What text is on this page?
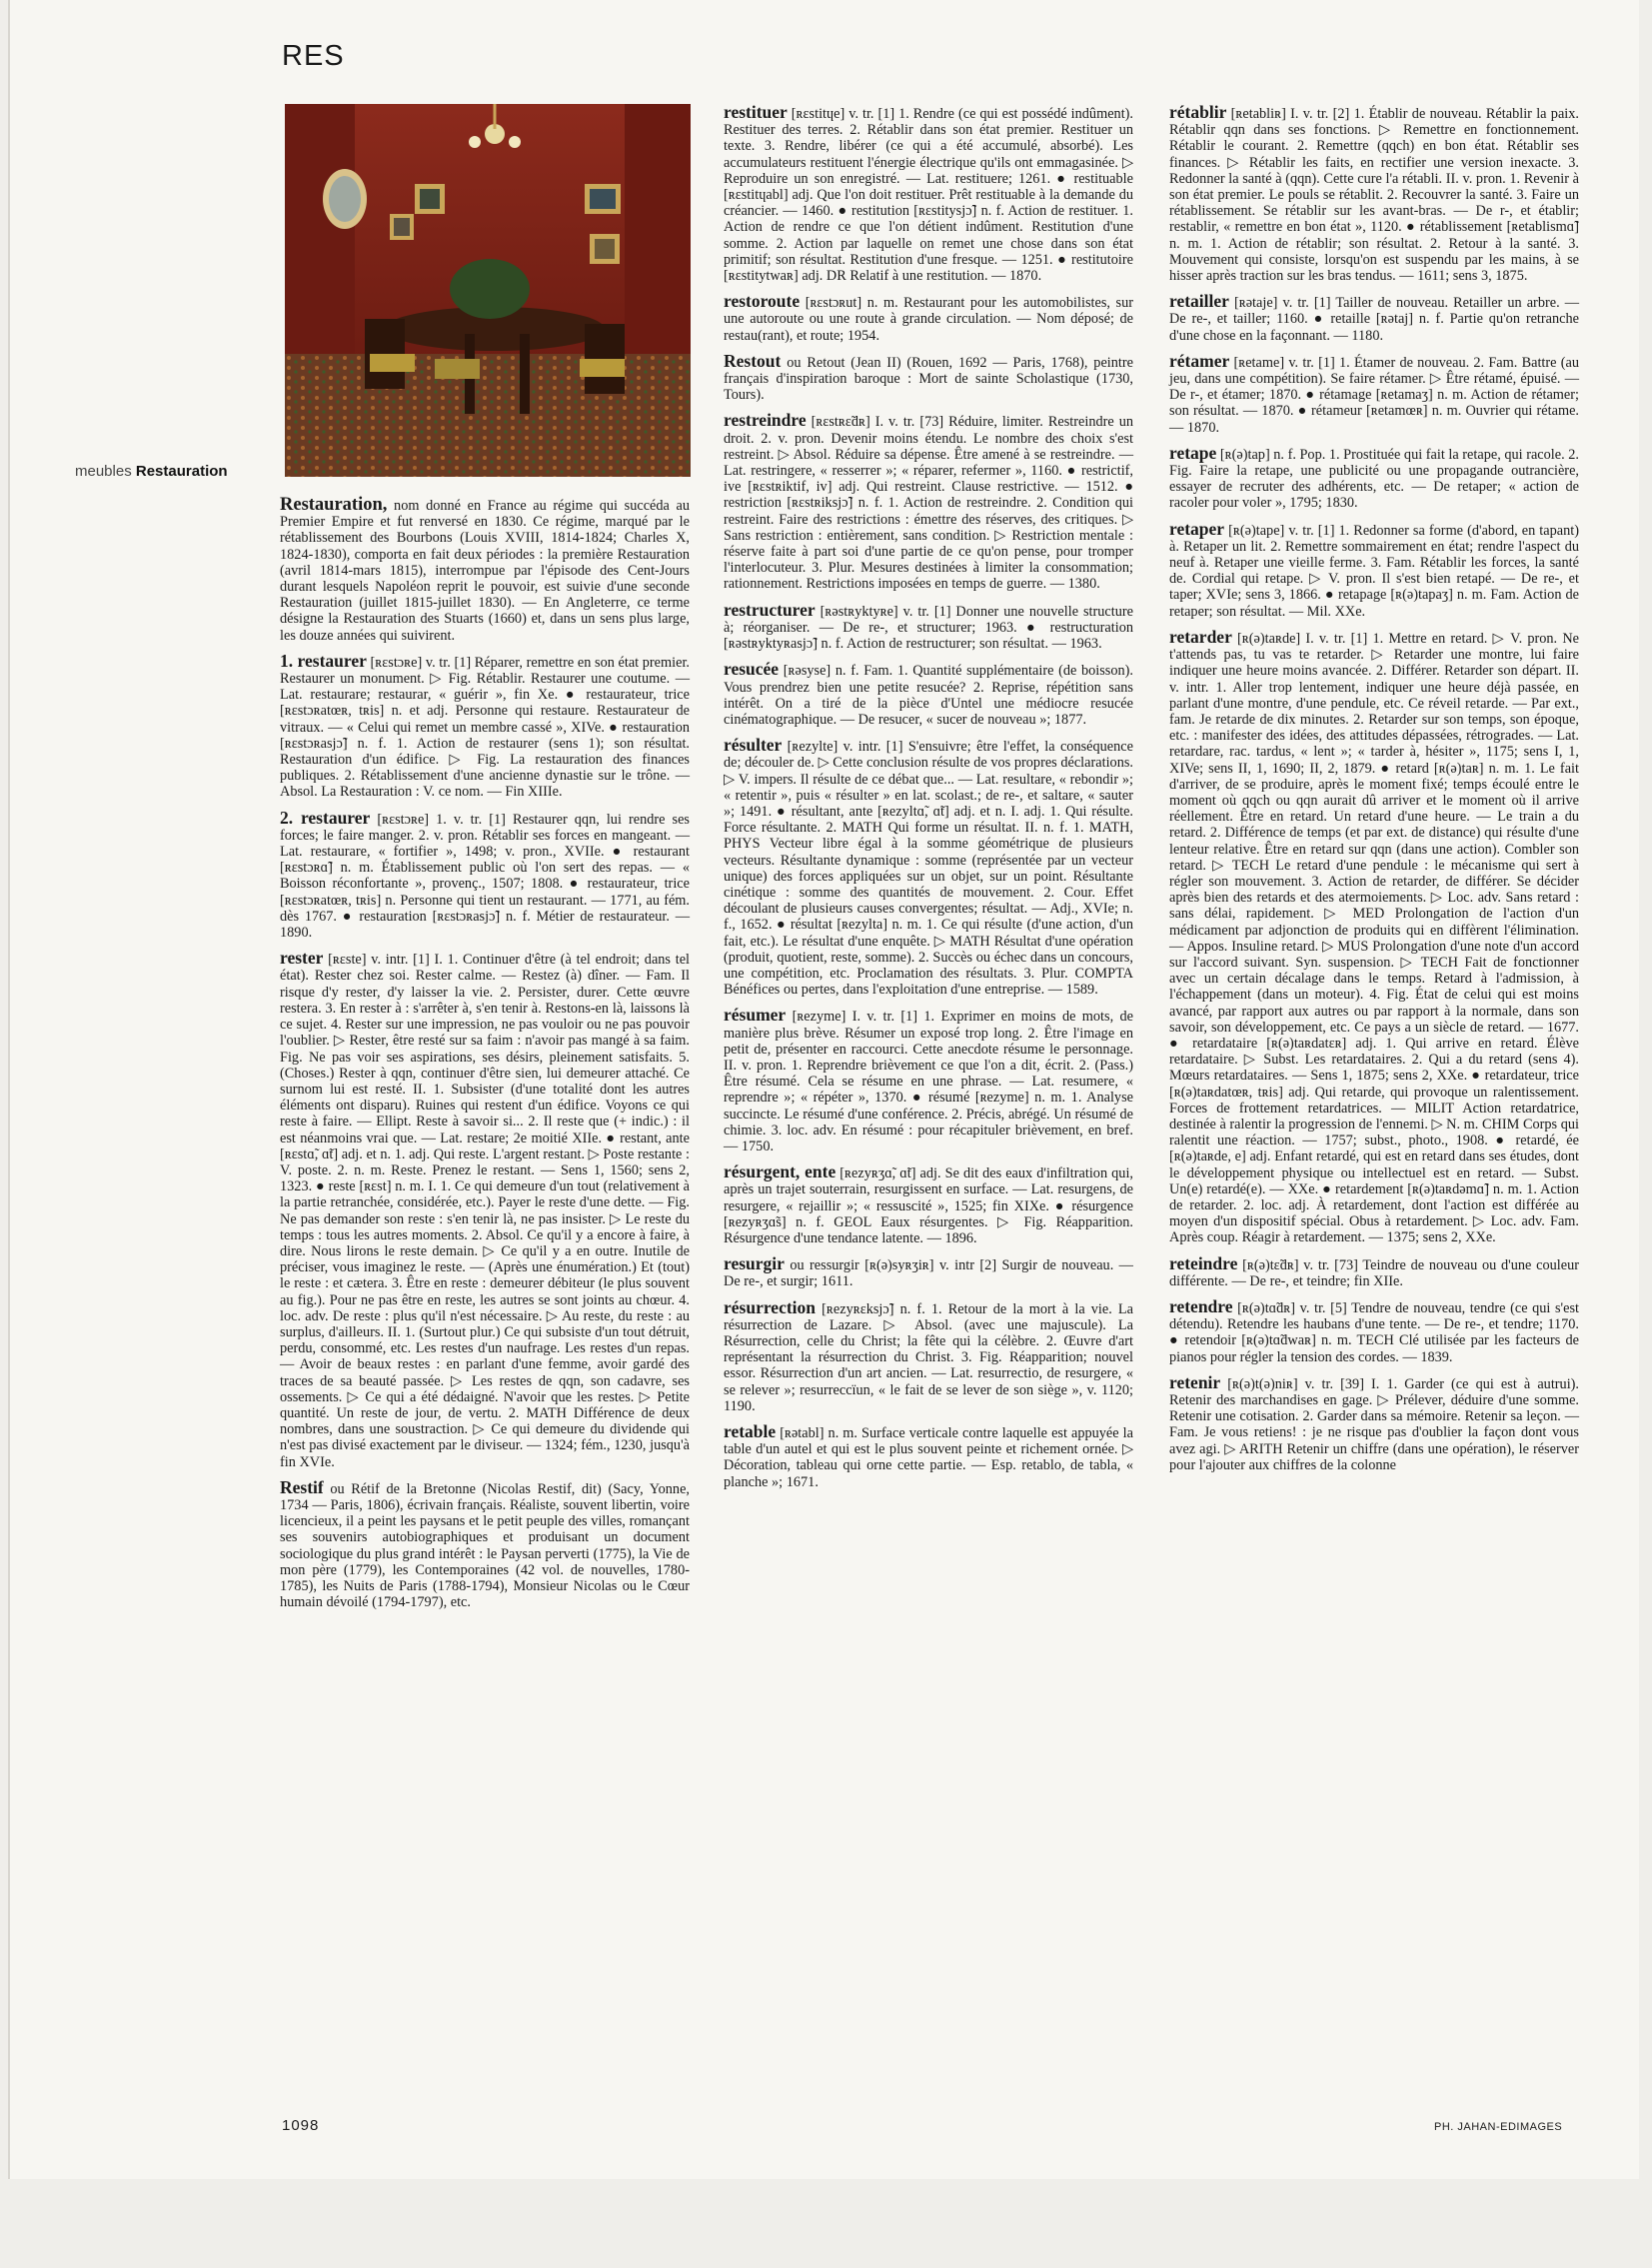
RES
meubles Restauration

Restauration, nom donné en France au régime qui succéda au Premier Empire et fut renversé en 1830. Ce régime, marqué par le rétablissement des Bourbons (Louis XVIII, 1814-1824; Charles X, 1824-1830), comporta en fait deux périodes : la première Restauration (avril 1814-mars 1815), interrompue par l'épisode des Cent-Jours durant lesquels Napoléon reprit le pouvoir, est suivie d'une seconde Restauration (juillet 1815-juillet 1830). — En Angleterre, ce terme désigne la Restauration des Stuarts (1660) et, dans un sens plus large, les douze années qui suivirent.

1. restaurer [ʀɛstɔʀe] v. tr. [1] Réparer, remettre en son état premier. Restaurer un monument. ▷ Fig. Rétablir. Restaurer une coutume. — Lat. restaurare; restaurar, « guérir », fin Xe. ● restaurateur, trice [ʀɛstɔʀatœʀ, tʀis] n. et adj. Personne qui restaure. Restaurateur de vitraux. — « Celui qui remet un membre cassé », XIVe. ● restauration [ʀɛstɔʀasjɔ̃] n. f. 1. Action de restaurer (sens 1); son résultat. Restauration d'un édifice. ▷ Fig. La restauration des finances publiques. 2. Rétablissement d'une ancienne dynastie sur le trône. — Absol. La Restauration : V. ce nom. — Fin XIIIe.

2. restaurer [ʀɛstɔʀe] 1. v. tr. [1] Restaurer qqn, lui rendre ses forces; le faire manger. 2. v. pron. Rétablir ses forces en mangeant. — Lat. restaurare, « fortifier », 1498; v. pron., XVIIe. ● restaurant [ʀɛstɔʀɑ̃] n. m. Établissement public où l'on sert des repas. — « Boisson réconfortante », provenç., 1507; 1808. ● restaurateur, trice [ʀɛstɔʀatœʀ, tʀis] n. Personne qui tient un restaurant. — 1771, au fém. dès 1767. ● restauration [ʀɛstɔʀasjɔ̃] n. f. Métier de restaurateur. — 1890.

rester [ʀɛste] v. intr. [1] I. 1. Continuer d'être (à tel endroit; dans tel état). Rester chez soi. Rester calme. — Restez (à) dîner. — Fam. Il risque d'y rester, d'y laisser la vie. 2. Persister, durer. Cette œuvre restera. 3. En rester à : s'arrêter à, s'en tenir à. Restons-en là, laissons là ce sujet. 4. Rester sur une impression, ne pas vouloir ou ne pas pouvoir l'oublier. ▷ Rester, être resté sur sa faim : n'avoir pas mangé à sa faim. Fig. Ne pas voir ses aspirations, ses désirs, pleinement satisfaits. 5. (Choses.) Rester à qqn, continuer d'être sien, lui demeurer attaché. Ce surnom lui est resté. II. 1. Subsister (d'une totalité dont les autres éléments ont disparu). Ruines qui restent d'un édifice. Voyons ce qui reste à faire. — Ellipt. Reste à savoir si... 2. Il reste que (+ indic.) : il est néanmoins vrai que. — Lat. restare; 2e moitié XIIe. ● restant, ante [ʀɛstɑ̃, ɑ̃t] adj. et n. 1. adj. Qui reste. L'argent restant. ▷ Poste restante : V. poste. 2. n. m. Reste. Prenez le restant. — Sens 1, 1560; sens 2, 1323. ● reste [ʀɛst] n. m. I. 1. Ce qui demeure d'un tout (relativement à la partie retranchée, considérée, etc.). Payer le reste d'une dette. — Fig. Ne pas demander son reste : s'en tenir là, ne pas insister. ▷ Le reste du temps : tous les autres moments. 2. Absol. Ce qu'il y a encore à faire, à dire. Nous lirons le reste demain. ▷ Ce qu'il y a en outre. Inutile de préciser, vous imaginez le reste. — (Après une énumération.) Et (tout) le reste : et cætera. 3. Être en reste : demeurer débiteur (le plus souvent au fig.). Pour ne pas être en reste, les autres se sont joints au chœur. 4. loc. adv. De reste : plus qu'il n'est nécessaire. ▷ Au reste, du reste : au surplus, d'ailleurs. II. 1. (Surtout plur.) Ce qui subsiste d'un tout détruit, perdu, consommé, etc. Les restes d'un naufrage. Les restes d'un repas. — Avoir de beaux restes : en parlant d'une femme, avoir gardé des traces de sa beauté passée. ▷ Les restes de qqn, son cadavre, ses ossements. ▷ Ce qui a été dédaigné. N'avoir que les restes. ▷ Petite quantité. Un reste de jour, de vertu. 2. MATH Différence de deux nombres, dans une soustraction. ▷ Ce qui demeure du dividende qui n'est pas divisé exactement par le diviseur. — 1324; fém., 1230, jusqu'à fin XVIe.

Restif ou Rétif de la Bretonne (Nicolas Restif, dit) (Sacy, Yonne, 1734 — Paris, 1806), écrivain français. Réaliste, souvent libertin, voire licencieux, il a peint les paysans et le petit peuple des villes, romançant ses souvenirs autobiographiques et produisant un document sociologique du plus grand intérêt : le Paysan perverti (1775), la Vie de mon père (1779), les Contemporaines (42 vol. de nouvelles, 1780-1785), les Nuits de Paris (1788-1794), Monsieur Nicolas ou le Cœur humain dévoilé (1794-1797), etc.

restituer [ʀɛstitɥe] v. tr. [1] 1. Rendre (ce qui est possédé indûment). Restituer des terres. 2. Rétablir dans son état premier. Restituer un texte. 3. Rendre, libérer (ce qui a été accumulé, absorbé). Les accumulateurs restituent l'énergie électrique qu'ils ont emmagasinée. ▷ Reproduire un son enregistré. — Lat. restituere; 1261. ● restituable [ʀɛstitɥabl] adj. Que l'on doit restituer. Prêt restituable à la demande du créancier. — 1460. ● restitution [ʀɛstitysjɔ̃] n. f. Action de restituer. 1. Action de rendre ce que l'on détient indûment. Restitution d'une somme. 2. Action par laquelle on remet une chose dans son état primitif; son résultat. Restitution d'une fresque. — 1251. ● restitutoire [ʀɛstitytwaʀ] adj. DR Relatif à une restitution. — 1870.

restoroute [ʀɛstɔʀut] n. m. Restaurant pour les automobilistes, sur une autoroute ou une route à grande circulation. — Nom déposé; de restau(rant), et route; 1954.

Restout ou Retout (Jean II) (Rouen, 1692 — Paris, 1768), peintre français d'inspiration baroque : Mort de sainte Scholastique (1730, Tours).

restreindre [ʀɛstʀɛ̃dʀ] I. v. tr. [73] Réduire, limiter. Restreindre un droit. 2. v. pron. Devenir moins étendu. Le nombre des choix s'est restreint. ▷ Absol. Réduire sa dépense. Être amené à se restreindre. — Lat. restringere, « resserrer »; « réparer, refermer », 1160. ● restrictif, ive [ʀɛstʀiktif, iv] adj. Qui restreint. Clause restrictive. — 1512. ● restriction [ʀɛstʀiksjɔ̃] n. f. 1. Action de restreindre. 2. Condition qui restreint. Faire des restrictions : émettre des réserves, des critiques. ▷ Sans restriction : entièrement, sans condition. ▷ Restriction mentale : réserve faite à part soi d'une partie de ce qu'on pense, pour tromper l'interlocuteur. 3. Plur. Mesures destinées à limiter la consommation; rationnement. Restrictions imposées en temps de guerre. — 1380.

restructurer [ʀəstʀyktyʀe] v. tr. [1] Donner une nouvelle structure à; réorganiser. — De re-, et structurer; 1963. ● restructuration [ʀəstʀyktyʀasjɔ̃] n. f. Action de restructurer; son résultat. — 1963.

resucée [ʀəsyse] n. f. Fam. 1. Quantité supplémentaire (de boisson). Vous prendrez bien une petite resucée? 2. Reprise, répétition sans intérêt. On a tiré de la pièce d'Untel une médiocre resucée cinématographique. — De resucer, « sucer de nouveau »; 1877.

résulter [ʀezylte] v. intr. [1] S'ensuivre; être l'effet, la conséquence de; découler de. ▷ Cette conclusion résulte de vos propres déclarations. ▷ V. impers. Il résulte de ce débat que... — Lat. resultare, « rebondir »; « retentir », puis « résulter » en lat. scolast.; de re-, et saltare, « sauter »; 1491. ● résultant, ante [ʀezyltɑ̃, ɑ̃t] adj. et n. I. adj. 1. Qui résulte. Force résultante. 2. MATH Qui forme un résultat. II. n. f. 1. MATH, PHYS Vecteur libre égal à la somme géométrique de plusieurs vecteurs. Résultante dynamique : somme (représentée par un vecteur unique) des forces appliquées sur un objet, sur un point. Résultante cinétique : somme des quantités de mouvement. 2. Cour. Effet découlant de plusieurs causes convergentes; résultat. — Adj., XVIe; n. f., 1652. ● résultat [ʀezylta] n. m. 1. Ce qui résulte (d'une action, d'un fait, etc.). Le résultat d'une enquête. ▷ MATH Résultat d'une opération (produit, quotient, reste, somme). 2. Succès ou échec dans un concours, une compétition, etc. Proclamation des résultats. 3. Plur. COMPTA Bénéfices ou pertes, dans l'exploitation d'une entreprise. — 1589.

résumer [ʀezyme] I. v. tr. [1] 1. Exprimer en moins de mots, de manière plus brève. Résumer un exposé trop long. 2. Être l'image en petit de, présenter en raccourci. Cette anecdote résume le personnage. II. v. pron. 1. Reprendre brièvement ce que l'on a dit, écrit. 2. (Pass.) Être résumé. Cela se résume en une phrase. — Lat. resumere, « reprendre »; « répéter », 1370. ● résumé [ʀezyme] n. m. 1. Analyse succincte. Le résumé d'une conférence. 2. Précis, abrégé. Un résumé de chimie. 3. loc. adv. En résumé : pour récapituler brièvement, en bref. — 1750.

résurgent, ente [ʀezyʀʒɑ̃, ɑ̃t] adj. Se dit des eaux d'infiltration qui, après un trajet souterrain, resurgissent en surface. — Lat. resurgens, de resurgere, « rejaillir »; « ressuscité », 1525; fin XIXe. ● résurgence [ʀezyʀʒɑ̃s] n. f. GEOL Eaux résurgentes. ▷ Fig. Réapparition. Résurgence d'une tendance latente. — 1896.

resurgir ou ressurgir [ʀ(ə)syʀʒiʀ] v. intr [2] Surgir de nouveau. — De re-, et surgir; 1611.

résurrection [ʀezyʀɛksjɔ̃] n. f. 1. Retour de la mort à la vie. La résurrection de Lazare. ▷ Absol. (avec une majuscule). La Résurrection, celle du Christ; la fête qui la célèbre. 2. Œuvre d'art représentant la résurrection du Christ. 3. Fig. Réapparition; nouvel essor. Résurrection d'un art ancien. — Lat. resurrectio, de resurgere, « se relever »; resurreccïun, « le fait de se lever de son siège », v. 1120; 1190.

retable [ʀətabl] n. m. Surface verticale contre laquelle est appuyée la table d'un autel et qui est le plus souvent peinte et richement ornée. ▷ Décoration, tableau qui orne cette partie. — Esp. retablo, de tabla, « planche »; 1671.

rétablir [ʀetabliʀ] I. v. tr. [2] 1. Établir de nouveau. Rétablir la paix. Rétablir qqn dans ses fonctions. ▷ Remettre en fonctionnement. Rétablir le courant. 2. Remettre (qqch) en bon état. Rétablir ses finances. ▷ Rétablir les faits, en rectifier une version inexacte. 3. Redonner la santé à (qqn). Cette cure l'a rétabli. II. v. pron. 1. Revenir à son état premier. Le pouls se rétablit. 2. Recouvrer la santé. 3. Faire un rétablissement. Se rétablir sur les avant-bras. — De r-, et établir; restablir, « remettre en bon état », 1120. ● rétablissement [ʀetablismɑ̃] n. m. 1. Action de rétablir; son résultat. 2. Retour à la santé. 3. Mouvement qui consiste, lorsqu'on est suspendu par les mains, à se hisser après traction sur les bras tendus. — 1611; sens 3, 1875.

retailler [ʀətaje] v. tr. [1] Tailler de nouveau. Retailler un arbre. — De re-, et tailler; 1160. ● retaille [ʀətaj] n. f. Partie qu'on retranche d'une chose en la façonnant. — 1180.

rétamer [ʀetame] v. tr. [1] 1. Étamer de nouveau. 2. Fam. Battre (au jeu, dans une compétition). Se faire rétamer. ▷ Être rétamé, épuisé. — De r-, et étamer; 1870. ● rétamage [ʀetamaʒ] n. m. Action de rétamer; son résultat. — 1870. ● rétameur [ʀetamœʀ] n. m. Ouvrier qui rétame. — 1870.

retape [ʀ(ə)tap] n. f. Pop. 1. Prostituée qui fait la retape, qui racole. 2. Fig. Faire la retape, une publicité ou une propagande outrancière, essayer de recruter des adhérents, etc. — De retaper; « action de racoler pour voler », 1795; 1830.

retaper [ʀ(ə)tape] v. tr. [1] 1. Redonner sa forme (d'abord, en tapant) à. Retaper un lit. 2. Remettre sommairement en état; rendre l'aspect du neuf à. Retaper une vieille ferme. 3. Fam. Rétablir les forces, la santé de. Cordial qui retape. ▷ V. pron. Il s'est bien retapé. — De re-, et taper; XVIe; sens 3, 1866. ● retapage [ʀ(ə)tapaʒ] n. m. Fam. Action de retaper; son résultat. — Mil. XXe.

retarder [ʀ(ə)taʀde] I. v. tr. [1] 1. Mettre en retard. ▷ V. pron. Ne t'attends pas, tu vas te retarder. ▷ Retarder une montre, lui faire indiquer une heure moins avancée. 2. Différer. Retarder son départ. II. v. intr. 1. Aller trop lentement, indiquer une heure déjà passée, en parlant d'une montre, d'une pendule, etc. Ce réveil retarde. — Par ext., fam. Je retarde de dix minutes. 2. Retarder sur son temps, son époque, etc. : manifester des idées, des attitudes dépassées, rétrogrades. — Lat. retardare, rac. tardus, « lent »; « tarder à, hésiter », 1175; sens I, 1, XIVe; sens II, 1, 1690; II, 2, 1879. ● retard [ʀ(ə)taʀ] n. m. 1. Le fait d'arriver, de se produire, après le moment fixé; temps écoulé entre le moment où qqch ou qqn aurait dû arriver et le moment où il arrive réellement. Être en retard. Un retard d'une heure. — Le train a du retard. 2. Différence de temps (et par ext. de distance) qui résulte d'une lenteur relative. Être en retard sur qqn (dans une action). Combler son retard. ▷ TECH Le retard d'une pendule : le mécanisme qui sert à régler son mouvement. 3. Action de retarder, de différer. Se décider après bien des retards et des atermoiements. ▷ Loc. adv. Sans retard : sans délai, rapidement. ▷ MED Prolongation de l'action d'un médicament par adjonction de produits qui en diffèrent l'élimination. — Appos. Insuline retard. ▷ MUS Prolongation d'une note d'un accord sur l'accord suivant. Syn. suspension. ▷ TECH Fait de fonctionner avec un certain décalage dans le temps. Retard à l'admission, à l'échappement (dans un moteur). 4. Fig. État de celui qui est moins avancé, par rapport aux autres ou par rapport à la normale, dans son savoir, son développement, etc. Ce pays a un siècle de retard. — 1677. ● retardataire [ʀ(ə)taʀdatɛʀ] adj. 1. Qui arrive en retard. Élève retardataire. ▷ Subst. Les retardataires. 2. Qui a du retard (sens 4). Mœurs retardataires. — Sens 1, 1875; sens 2, XXe. ● retardateur, trice [ʀ(ə)taʀdatœʀ, tʀis] adj. Qui retarde, qui provoque un ralentissement. Forces de frottement retardatrices. — MILIT Action retardatrice, destinée à ralentir la progression de l'ennemi. ▷ N. m. CHIM Corps qui ralentit une réaction. — 1757; subst., photo., 1908. ● retardé, ée [ʀ(ə)taʀde, e] adj. Enfant retardé, qui est en retard dans ses études, dont le développement physique ou intellectuel est en retard. — Subst. Un(e) retardé(e). — XXe. ● retardement [ʀ(ə)taʀdəmɑ̃] n. m. 1. Action de retarder. 2. loc. adj. À retardement, dont l'action est différée au moyen d'un dispositif spécial. Obus à retardement. ▷ Loc. adv. Fam. Après coup. Réagir à retardement. — 1375; sens 2, XXe.

reteindre [ʀ(ə)tɛ̃dʀ] v. tr. [73] Teindre de nouveau ou d'une couleur différente. — De re-, et teindre; fin XIIe.

retendre [ʀ(ə)tɑ̃dʀ] v. tr. [5] Tendre de nouveau, tendre (ce qui s'est détendu). Retendre les haubans d'une tente. — De re-, et tendre; 1170. ● retendoir [ʀ(ə)tɑ̃dwaʀ] n. m. TECH Clé utilisée par les facteurs de pianos pour régler la tension des cordes. — 1839.

retenir [ʀ(ə)t(ə)niʀ] v. tr. [39] I. 1. Garder (ce qui est à autrui). Retenir des marchandises en gage. ▷ Prélever, déduire d'une somme. Retenir une cotisation. 2. Garder dans sa mémoire. Retenir sa leçon. — Fam. Je vous retiens! : je ne risque pas d'oublier la façon dont vous avez agi. ▷ ARITH Retenir un chiffre (dans une opération), le réserver pour l'ajouter aux chiffres de la colonne

1098	PH. JAHAN-EDIMAGES
